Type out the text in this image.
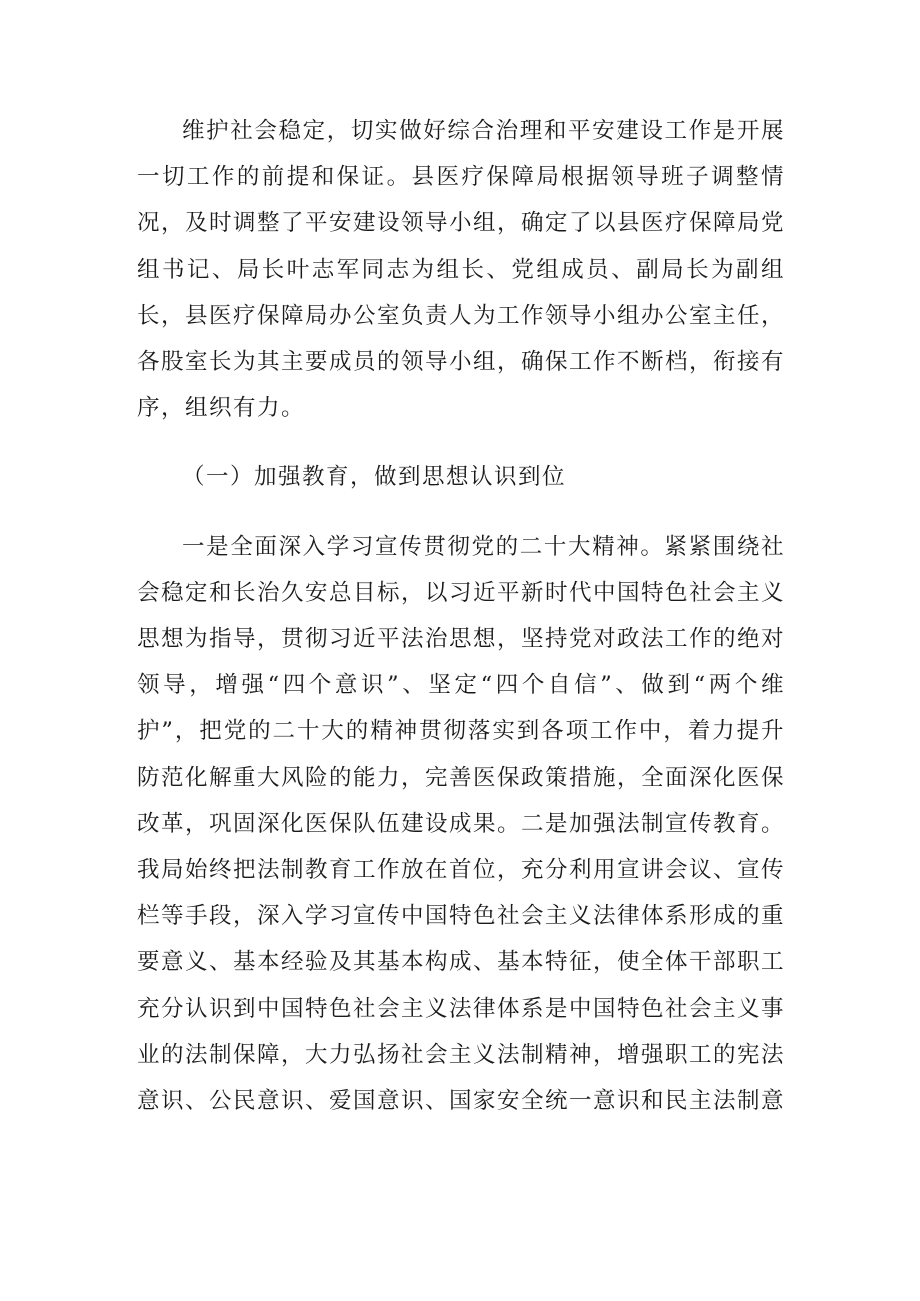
维护社会稳定，切实做好综合治理和平安建设工作是开展一切工作的前提和保证。县医疗保障局根据领导班子调整情况，及时调整了平安建设领导小组，确定了以县医疗保障局党组书记、局长叶志军同志为组长、党组成员、副局长为副组长，县医疗保障局办公室负责人为工作领导小组办公室主任，各股室长为其主要成员的领导小组，确保工作不断档，衔接有序，组织有力。

（一）加强教育，做到思想认识到位

一是全面深入学习宣传贯彻党的二十大精神。紧紧围绕社会稳定和长治久安总目标，以习近平新时代中国特色社会主义思想为指导，贯彻习近平法治思想，坚持党对政法工作的绝对领导，增强“四个意识”、坚定“四个自信”、做到“两个维护”，把党的二十大的精神贯彻落实到各项工作中，着力提升防范化解重大风险的能力，完善医保政策措施，全面深化医保改革，巩固深化医保队伍建设成果。二是加强法制宣传教育。我局始终把法制教育工作放在首位，充分利用宣讲会议、宣传栏等手段，深入学习宣传中国特色社会主义法律体系形成的重要意义、基本经验及其基本构成、基本特征，使全体干部职工充分认识到中国特色社会主义法律体系是中国特色社会主义事业的法制保障，大力弘扬社会主义法制精神，增强职工的宪法意识、公民意识、爱国意识、国家安全统一意识和民主法制意
